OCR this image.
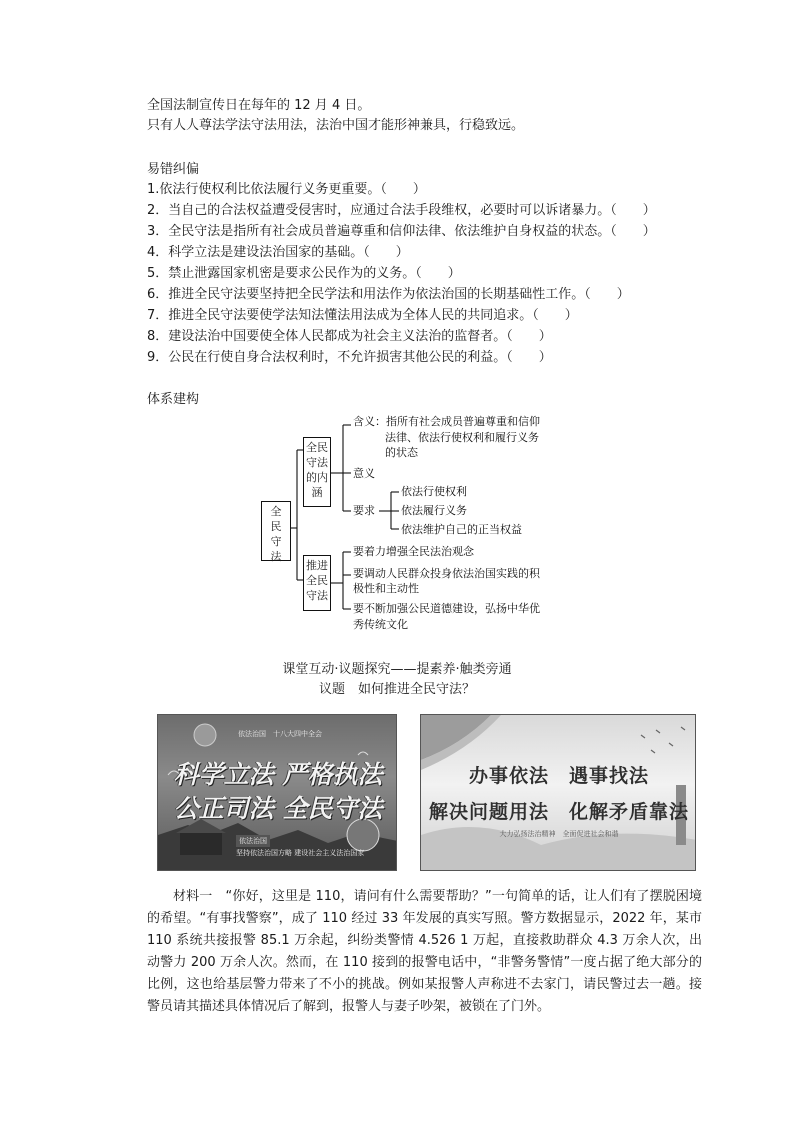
全国法制宣传日在每年的 12 月 4 日。
只有人人尊法学法守法用法，法治中国才能形神兼具，行稳致远。
易错纠偏
1.依法行使权利比依法履行义务更重要。（　　）
2．当自己的合法权益遭受侵害时，应通过合法手段维权，必要时可以诉诸暴力。（　　）
3．全民守法是指所有社会成员普遍尊重和信仰法律、依法维护自身权益的状态。（　　）
4．科学立法是建设法治国家的基础。（　　）
5．禁止泄露国家机密是要求公民作为的义务。（　　）
6．推进全民守法要坚持把全民学法和用法作为依法治国的长期基础性工作。（　　）
7．推进全民守法要使学法知法懂法用法成为全体人民的共同追求。（　　）
8．建设法治中国要使全体人民都成为社会主义法治的监督者。（　　）
9．公民在行使自身合法权利时，不允许损害其他公民的利益。（　　）
体系建构
全民守法
全民守法的内涵
推进全民守法
含义：指所有社会成员普遍尊重和信仰
法律、依法行使权利和履行义务
的状态
意义
要求
依法行使权利
依法履行义务
依法维护自己的正当权益
要着力增强全民法治观念
要调动人民群众投身依法治国实践的积
极性和主动性
要不断加强公民道德建设，弘扬中华优
秀传统文化
课堂互动·议题探究——提素养·触类旁通
议题　如何推进全民守法？
依法治国　十八大四中全会
科学立法 严格执法
公正司法 全民守法
依法治国
坚持依法治国方略 建设社会主义法治国家
办事依法　遇事找法
解决问题用法　化解矛盾靠法
大力弘扬法治精神　全面促进社会和谐
材料一　“你好，这里是 110，请问有什么需要帮助？”一句简单的话，让人们有了摆脱困境的希望。“有事找警察”，成了 110 经过 33 年发展的真实写照。警方数据显示，2022 年，某市 110 系统共接报警 85.1 万余起，纠纷类警情 4.526 1 万起，直接救助群众 4.3 万余人次，出动警力 200 万余人次。然而，在 110 接到的报警电话中，“非警务警情”一度占据了绝大部分的比例，这也给基层警力带来了不小的挑战。例如某报警人声称进不去家门，请民警过去一趟。接警员请其描述具体情况后了解到，报警人与妻子吵架，被锁在了门外。
